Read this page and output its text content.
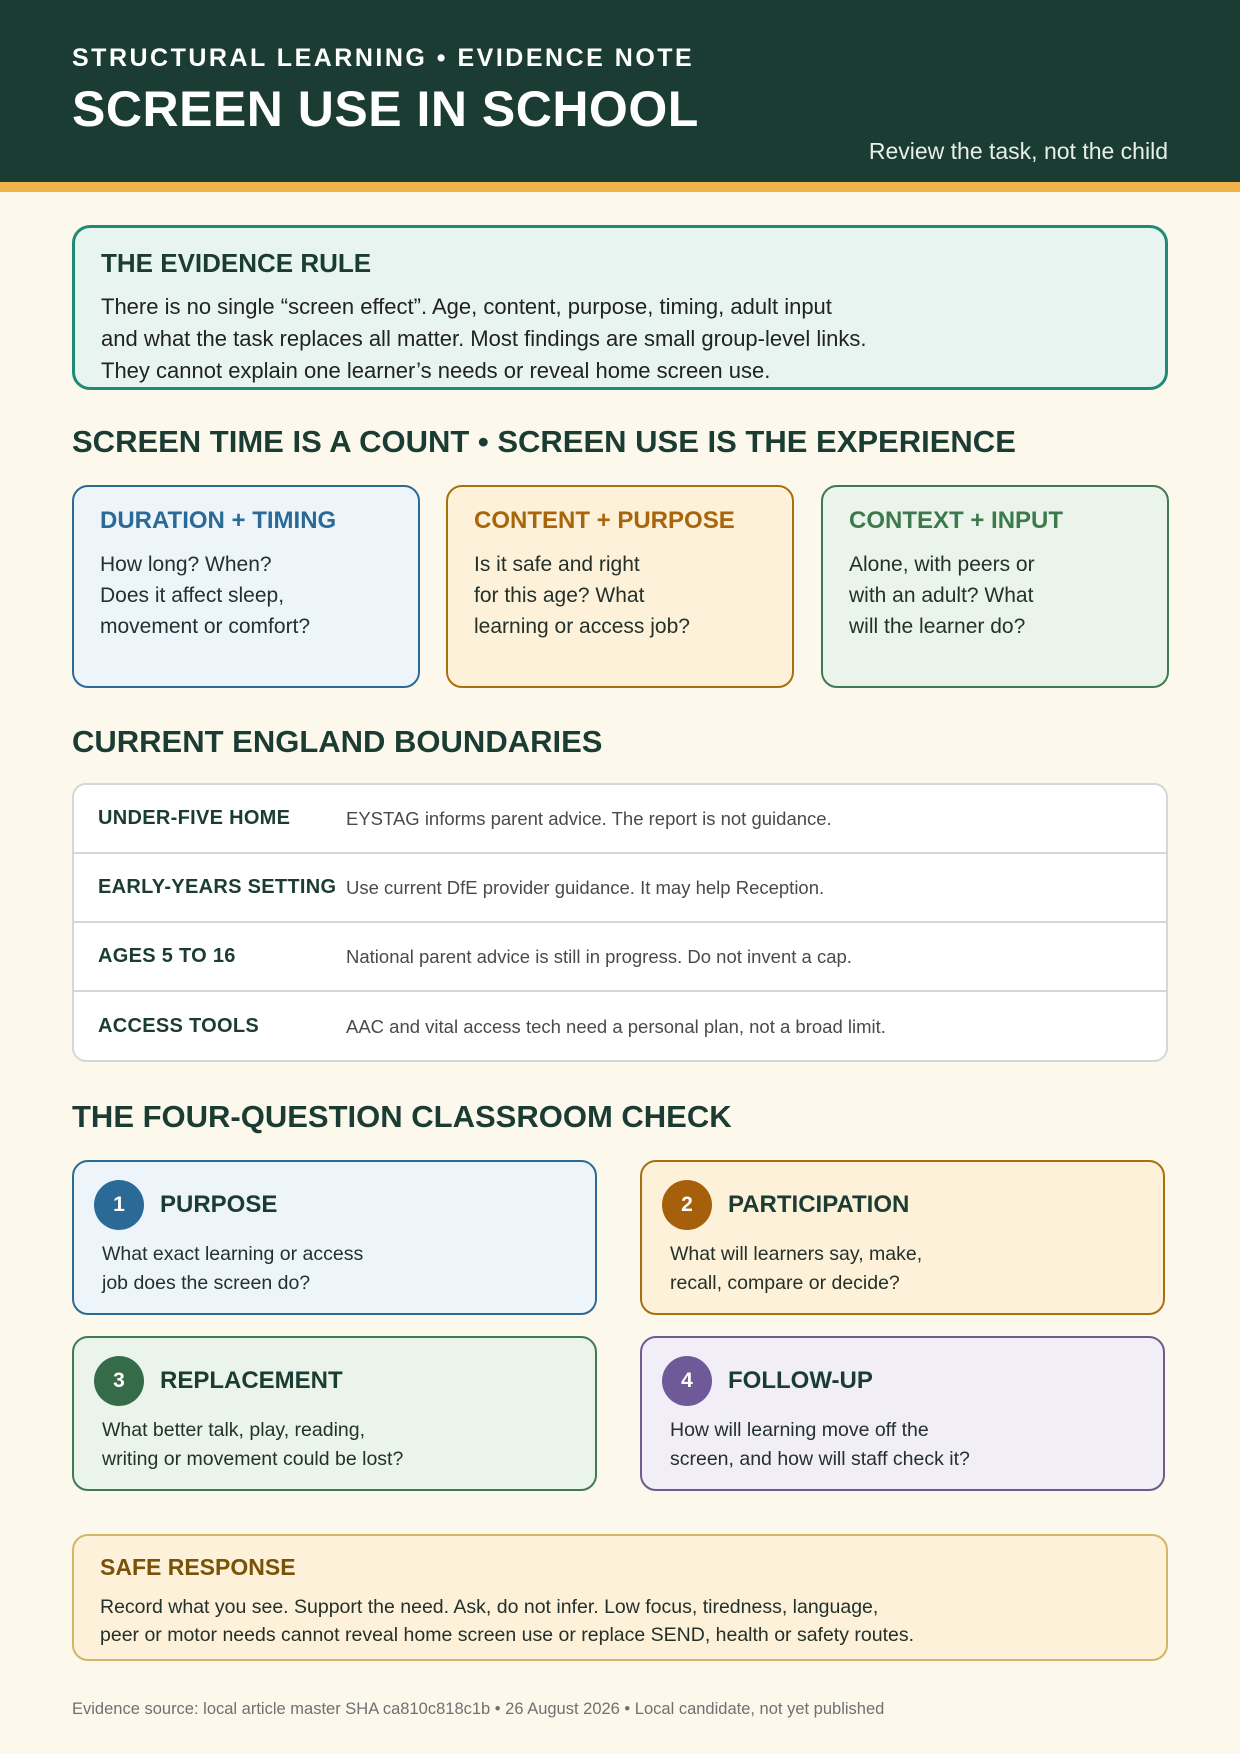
STRUCTURAL LEARNING • EVIDENCE NOTE
SCREEN USE IN SCHOOL
Review the task, not the child
THE EVIDENCE RULE
There is no single “screen effect”. Age, content, purpose, timing, adult input
and what the task replaces all matter. Most findings are small group-level links.
They cannot explain one learner’s needs or reveal home screen use.
SCREEN TIME IS A COUNT • SCREEN USE IS THE EXPERIENCE
DURATION + TIMING
How long? When?
Does it affect sleep,
movement or comfort?
CONTENT + PURPOSE
Is it safe and right
for this age? What
learning or access job?
CONTEXT + INPUT
Alone, with peers or
with an adult? What
will the learner do?
CURRENT ENGLAND BOUNDARIES
UNDER-FIVE HOME	EYSTAG informs parent advice. The report is not guidance.
EARLY-YEARS SETTING Use current DfE provider guidance. It may help Reception.
AGES 5 TO 16	National parent advice is still in progress. Do not invent a cap.
ACCESS TOOLS	AAC and vital access tech need a personal plan, not a broad limit.
THE FOUR-QUESTION CLASSROOM CHECK
1	PURPOSE
What exact learning or access
job does the screen do?
2	PARTICIPATION
What will learners say, make,
recall, compare or decide?
3	REPLACEMENT
What better talk, play, reading,
writing or movement could be lost?
4	FOLLOW-UP
How will learning move off the
screen, and how will staff check it?
SAFE RESPONSE
Record what you see. Support the need. Ask, do not infer. Low focus, tiredness, language,
peer or motor needs cannot reveal home screen use or replace SEND, health or safety routes.
Evidence source: local article master SHA ca810c818c1b • 26 August 2026 • Local candidate, not yet published
